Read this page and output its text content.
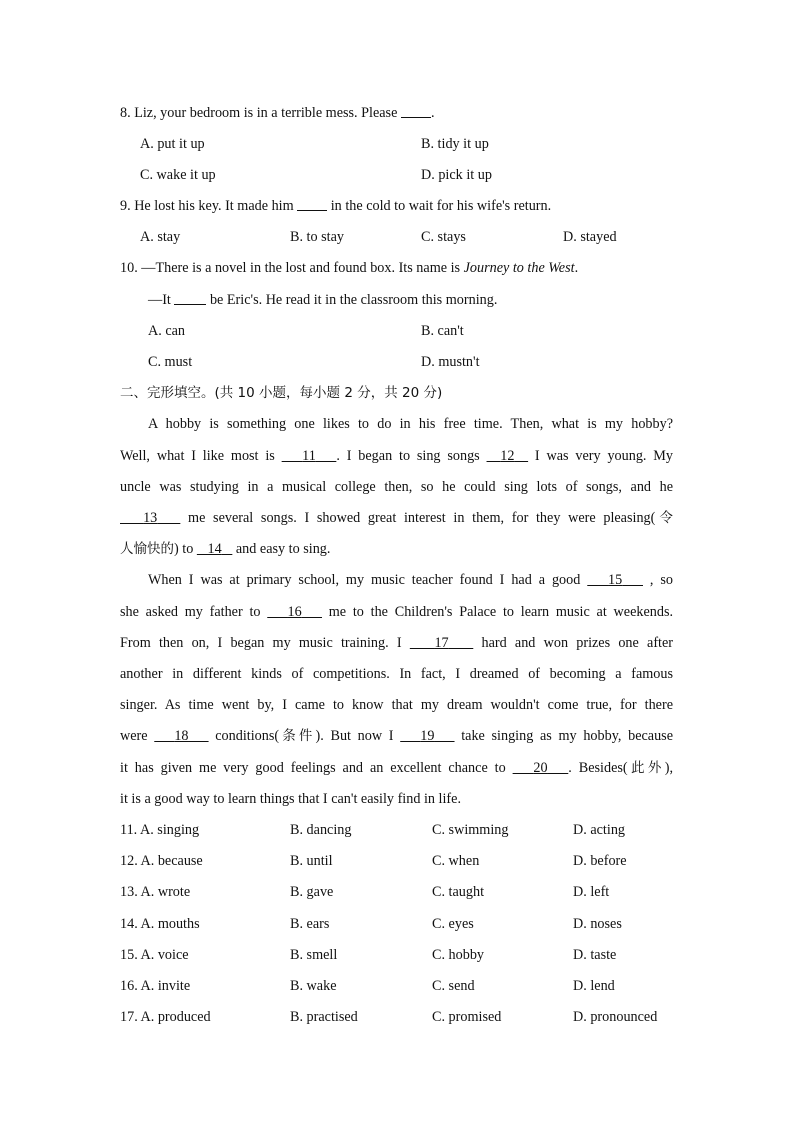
8. Liz, your bedroom is in a terrible mess. Please .
A. put it up	B. tidy it up
C. wake it up	D. pick it up
9. He lost his key. It made him  in the cold to wait for his wife's return.
A. stay	B. to stay	C. stays	D. stayed
10. —There is a novel in the lost and found box. Its name is Journey to the West.
—It  be Eric's. He read it in the classroom this morning.
A. can	B. can't
C. must	D. mustn't
二、完形填空。(共 10 小题，每小题 2 分，共 20 分)
A hobby is something one likes to do in his free time. Then, what is my hobby?
Well, what I like most is    11 . I began to sing songs   12   I was very young. My
uncle was studying in a musical college then, so he could sing lots of songs, and he
13    me several songs. I showed great interest in them, for they were pleasing(令
人愉快的) to    14    and easy to sing.
When I was at primary school, my music teacher found I had a good    15    , so
she asked my father to    16    me to the Children's Palace to learn music at weekends.
From then on, I began my music training. I    17    hard and won prizes one after
another in different kinds of competitions. In fact, I dreamed of becoming a famous
singer. As time went by, I came to know that my dream wouldn't come true, for there
were    18    conditions(条件). But now I    19    take singing as my hobby, because
it has given me very good feelings and an excellent chance to    20 . Besides(此外),
it is a good way to learn things that I can't easily find in life.
11. A. singing	B. dancing	C. swimming	D. acting
12. A. because	B. until	C. when	D. before
13. A. wrote	B. gave	C. taught	D. left
14. A. mouths	B. ears	C. eyes	D. noses
15. A. voice	B. smell	C. hobby	D. taste
16. A. invite	B. wake	C. send	D. lend
17. A. produced	B. practised	C. promised	D. pronounced
